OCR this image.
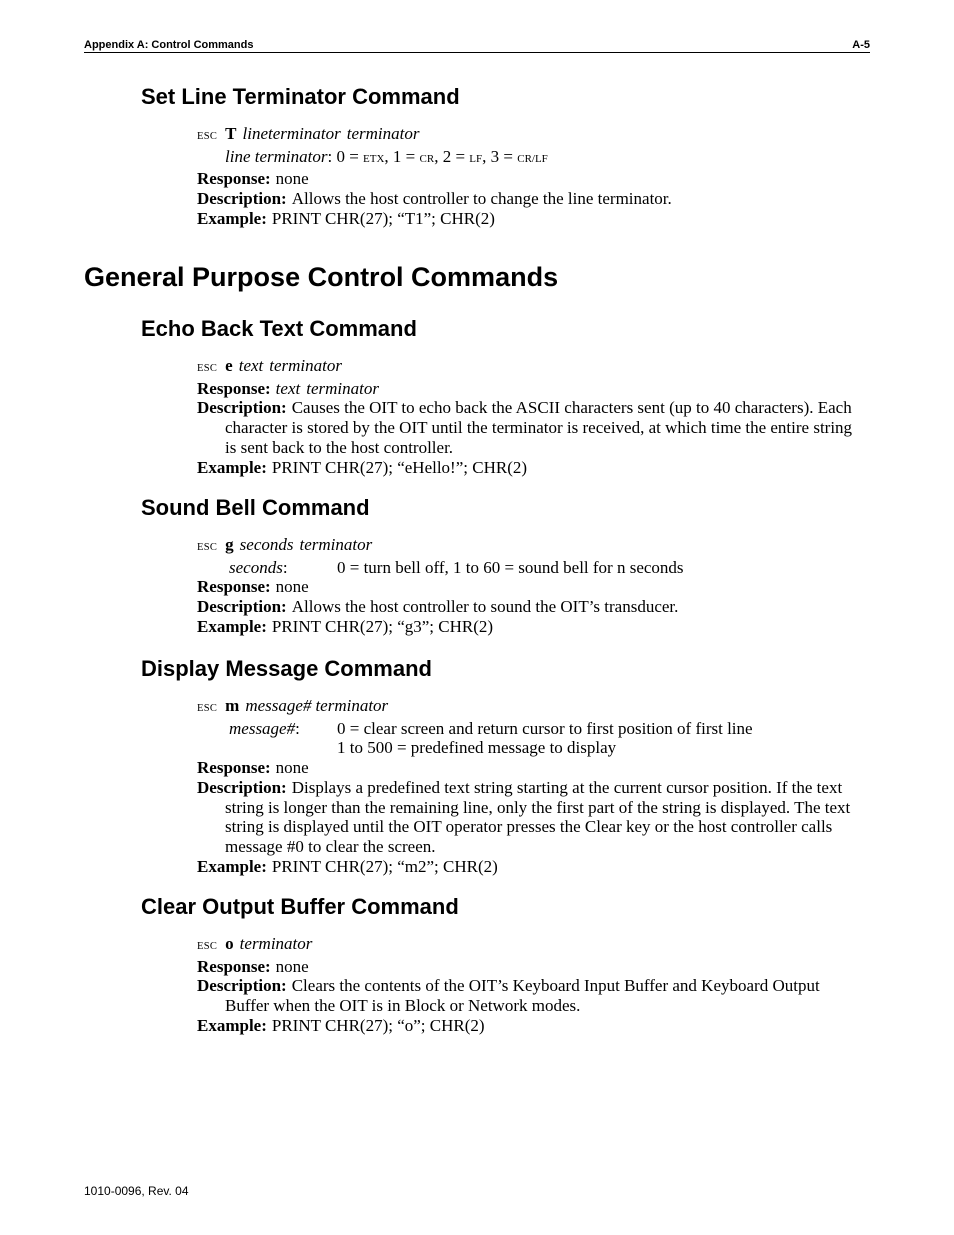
Appendix A: Control Commands	A-5
Set Line Terminator Command

ESC T lineterminator terminator

line terminator: 0 = ETX, 1 = CR, 2 = LF, 3 = CR/LF

Response: none

Description: Allows the host controller to change the line terminator.

Example: PRINT CHR(27); “T1”; CHR(2)

General Purpose Control Commands
Echo Back Text Command

ESC e text terminator

Response: text terminator

Description: Causes the OIT to echo back the ASCII characters sent (up to 40 characters). Each character is stored by the OIT until the terminator is received, at which time the entire string is sent back to the host controller.

Example: PRINT CHR(27); “eHello!”; CHR(2)

Sound Bell Command

ESC g seconds terminator

seconds:	0 = turn bell off, 1 to 60 = sound bell for n seconds

Response: none

Description: Allows the host controller to sound the OIT’s transducer.

Example: PRINT CHR(27); “g3”; CHR(2)

Display Message Command

ESC m message# terminator

message#:	0 = clear screen and return cursor to first position of first line

1 to 500 = predefined message to display

Response: none

Description: Displays a predefined text string starting at the current cursor position. If the text string is longer than the remaining line, only the first part of the string is displayed. The text string is displayed until the OIT operator presses the Clear key or the host controller calls message #0 to clear the screen.

Example: PRINT CHR(27); “m2”; CHR(2)

Clear Output Buffer Command

ESC o terminator

Response: none

Description: Clears the contents of the OIT’s Keyboard Input Buffer and Keyboard Output Buffer when the OIT is in Block or Network modes.

Example: PRINT CHR(27); “o”; CHR(2)

1010-0096, Rev. 04
